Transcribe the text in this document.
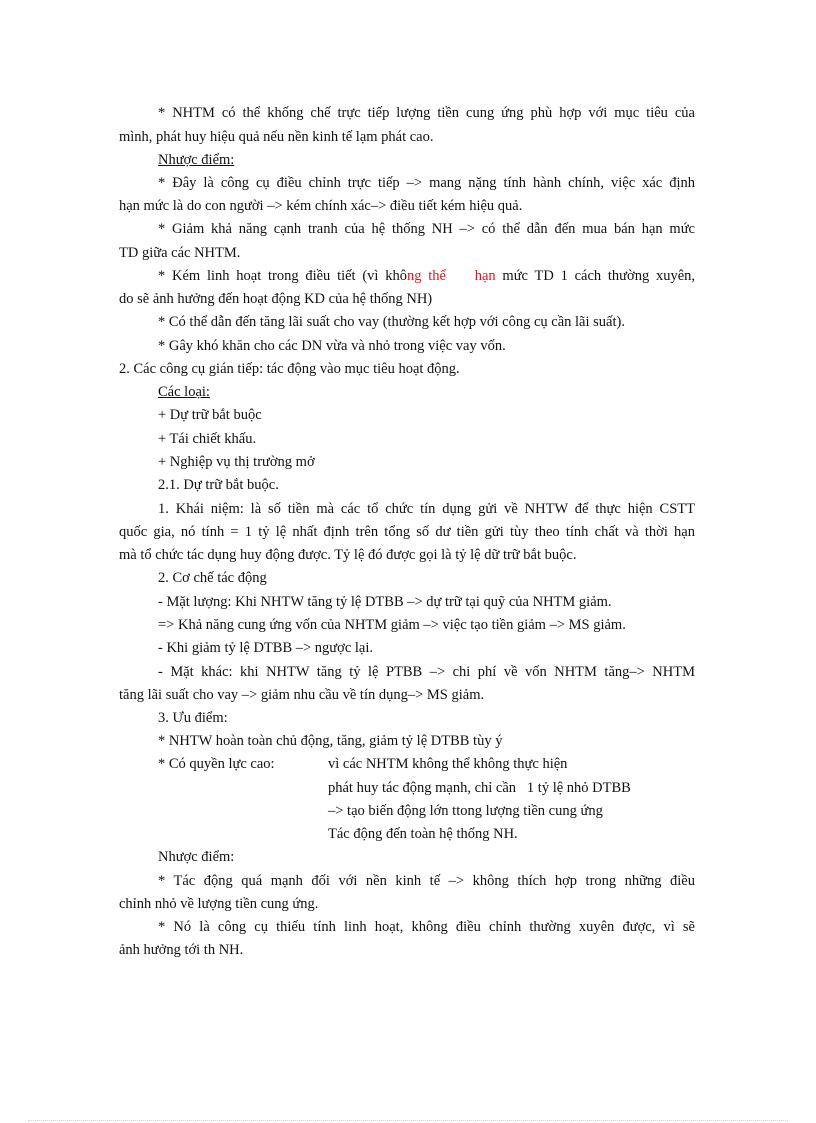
* NHTM có thể khống chế trực tiếp lượng tiền cung ứng phù hợp với mục tiêu của
mình, phát huy hiệu quả nếu nền kinh tế lạm phát cao.
Nhược điểm:
* Đây là công cụ điều chỉnh trực tiếp –> mang nặng tính hành chính, việc xác định
hạn mức là do con người –> kém chính xác–> điều tiết kém hiệu quả.
* Giảm khả năng cạnh tranh của hệ thống NH –> có thể dẫn đến mua bán hạn mức
TD giữa các NHTM.
* Kém linh hoạt trong điều tiết (vì không thể hạn mức TD 1 cách thường xuyên,
do sẽ ảnh hưởng đến hoạt động KD của hệ thống NH)
* Có thể dẫn đến tăng lãi suất cho vay (thường kết hợp với công cụ cần lãi suất).
* Gây khó khăn cho các DN vừa và nhỏ trong việc vay vốn.
2. Các công cụ gián tiếp: tác động vào mục tiêu hoạt động.
Các loại:
+ Dự trữ bắt buộc
+ Tái chiết khấu.
+ Nghiệp vụ thị trường mở
2.1. Dự trữ bắt buộc.
1. Khái niệm: là số tiền mà các tổ chức tín dụng gửi về NHTW để thực hiện CSTT
quốc gia, nó tính = 1 tỷ lệ nhất định trên tổng số dư tiền gửi tùy theo tính chất và thời hạn
mà tổ chức tác dụng huy động được. Tỷ lệ đó được gọi là tỷ lệ dữ trữ bắt buộc.
2. Cơ chế tác động
- Mặt lượng: Khi NHTW tăng tỷ lệ DTBB –> dự trữ tại quỹ của NHTM giảm.
=> Khả năng cung ứng vốn của NHTM giảm –> việc tạo tiền giảm –> MS giảm.
- Khi giảm tỷ lệ DTBB –> ngược lại.
- Mặt khác: khi NHTW tăng tỷ lệ PTBB –> chi phí về vốn NHTM tăng–> NHTM
tăng lãi suất cho vay –> giảm nhu cầu về tín dụng–> MS giảm.
3. Ưu điểm:
* NHTW hoàn toàn chủ động, tăng, giảm tỷ lệ DTBB tùy ý
* Có quyền lực cao:	vì các NHTM không thể không thực hiện
phát huy tác động mạnh, chỉ cần   1 tỷ lệ nhỏ DTBB
–> tạo biến động lớn ttong lượng tiền cung ứng
Tác động đến toàn hệ thống NH.
Nhược điểm:
* Tác động quá mạnh đối với nền kinh tế –> không thích hợp trong những điều
chỉnh nhỏ về lượng tiền cung ứng.
* Nó là công cụ thiếu tính linh hoạt, không điều chỉnh thường xuyên được, vì sẽ
ảnh hưởng tới th NH.
